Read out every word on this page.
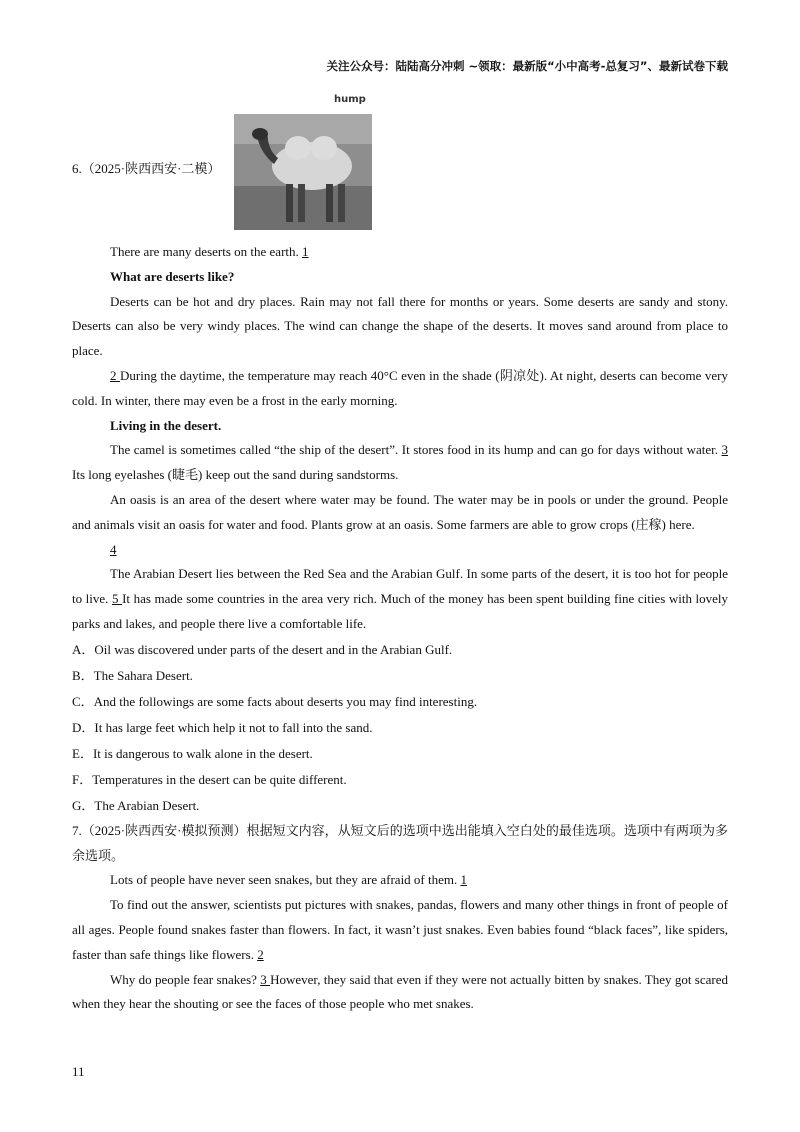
关注公众号：陆陆高分冲刺 ~领取：最新版“小中高考-总复习”、最新试卷下载
6.（2025·陕西西安·二模）
hump

There are many deserts on the earth. 1

What are deserts like?

Deserts can be hot and dry places. Rain may not fall there for months or years. Some deserts are sandy and stony. Deserts can also be very windy places. The wind can change the shape of the deserts. It moves sand around from place to place.

2 During the daytime, the temperature may reach 40°C even in the shade (阴凉处). At night, deserts can become very cold. In winter, there may even be a frost in the early morning.

Living in the desert.

The camel is sometimes called “the ship of the desert”. It stores food in its hump and can go for days without water. 3 Its long eyelashes (睫毛) keep out the sand during sandstorms.

An oasis is an area of the desert where water may be found. The water may be in pools or under the ground. People and animals visit an oasis for water and food. Plants grow at an oasis. Some farmers are able to grow crops (庄稼) here.

4

The Arabian Desert lies between the Red Sea and the Arabian Gulf. In some parts of the desert, it is too hot for people to live. 5 It has made some countries in the area very rich. Much of the money has been spent building fine cities with lovely parks and lakes, and people there live a comfortable life.

A．Oil was discovered under parts of the desert and in the Arabian Gulf.

B．The Sahara Desert.

C．And the followings are some facts about deserts you may find interesting.

D．It has large feet which help it not to fall into the sand.

E．It is dangerous to walk alone in the desert.

F．Temperatures in the desert can be quite different.

G．The Arabian Desert.

7.（2025·陕西西安·模拟预测）根据短文内容，从短文后的选项中选出能填入空白处的最佳选项。选项中有两项为多余选项。

Lots of people have never seen snakes, but they are afraid of them. 1

To find out the answer, scientists put pictures with snakes, pandas, flowers and many other things in front of people of all ages. People found snakes faster than flowers. In fact, it wasn’t just snakes. Even babies found “black faces”, like spiders, faster than safe things like flowers. 2

Why do people fear snakes? 3 However, they said that even if they were not actually bitten by snakes. They got scared when they hear the shouting or see the faces of those people who met snakes.

11
